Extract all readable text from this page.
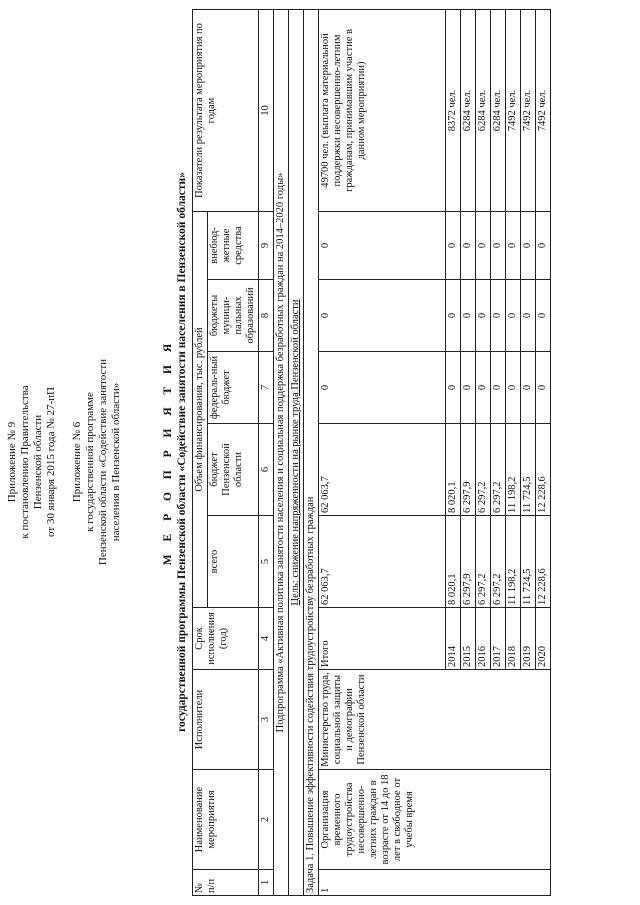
Приложение № 9 к постановлению Правительства Пензенской области от 30 января 2015 года № 27-пП Приложение № 6 к государственной программе Пензенской области «Содействие занятости населения в Пензенской области»	М Е Р О П Р И Я Т И Я государственной программы Пензенской области «Содействие занятости населения в Пензенской области»
№ п/п	Наименование мероприятия	Исполнители	Срок исполнения (год)	Объем финансирования, тыс. рублей					Показатели результата мероприятия по годам
				всего	бюджет Пензенской области	федераль-ный бюджет	бюджеты муници-пальных образований	внебюд-жетные средства	
1	2	3	4	5	6	7	8	9	10
Подпрограмма «Активная политика занятости населения и социальная поддержка безработных граждан на 2014–2020 годы»									
Цель: снижение напряженности на рынке труда Пензенской области									
Задача 1. Повышение эффективности содействия трудоустройству безработных граждан									
1	Организация временного трудоустройства несовершенно-летних граждан в возрасте от 14 до 18 лет в свободное от учебы время	Министерство труда, социальной защиты и демографии Пензенской области	Итого	62 063,7	62 063,7	0	0	0	49700 чел. (выплата материальной поддержки несовершенно-летним гражданам, принимавшим участие в данном мероприятии)
			2014	8 020,1	8 020,1	0	0	0	8372 чел.
			2015	6 297,9	6 297,9	0	0	0	6284 чел.
			2016	6 297,2	6 297,2	0	0	0	6284 чел.
			2017	6 297,2	6 297,2	0	0	0	6284 чел.
			2018	11 198,2	11 198,2	0	0	0	7492 чел.
			2019	11 724,5	11 724,5	0	0	0	7492 чел.
			2020	12 228,6	12 228,6	0	0	0	7492 чел.
